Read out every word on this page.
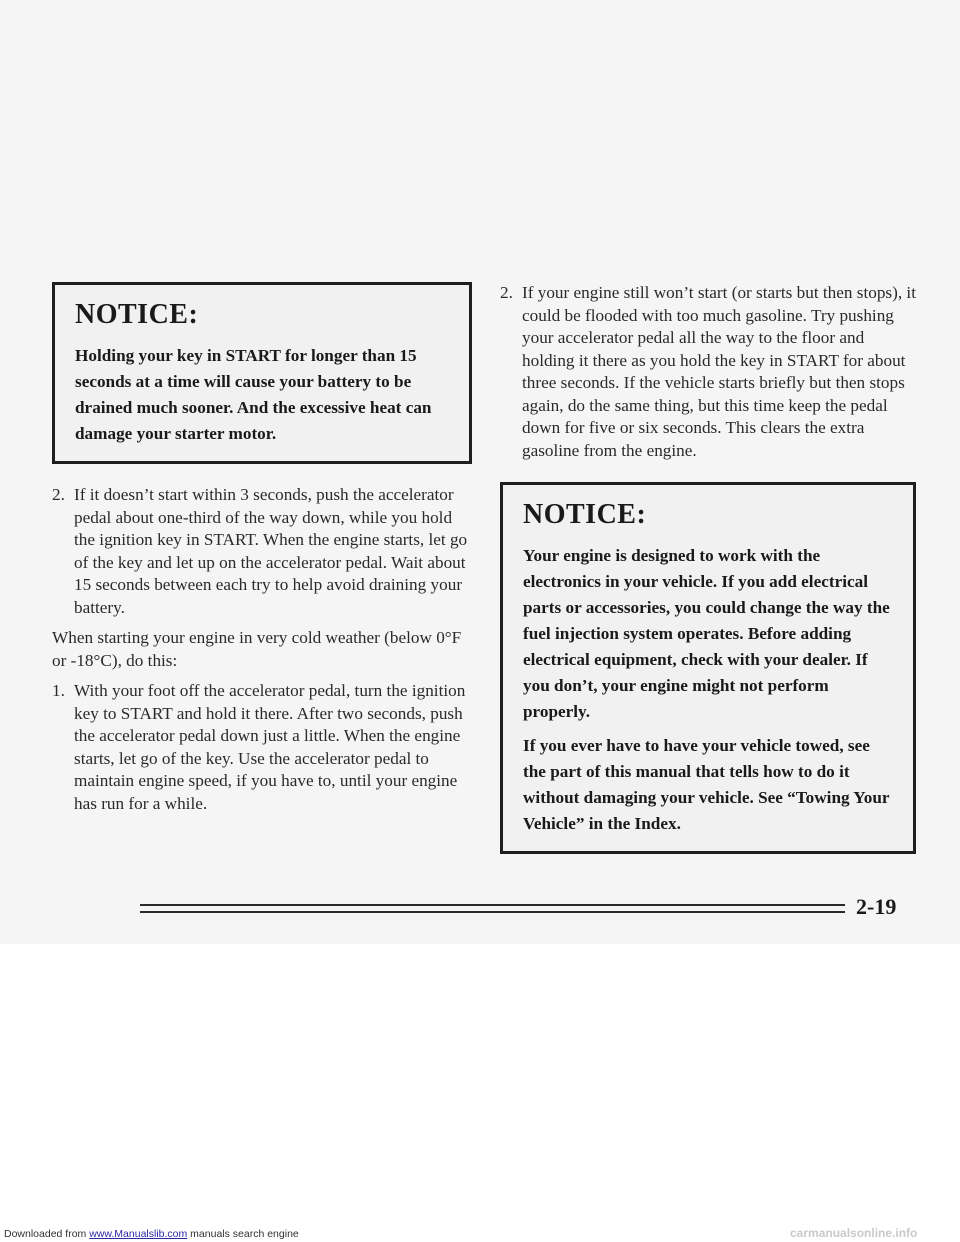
NOTICE:

Holding your key in START for longer than 15 seconds at a time will cause your battery to be drained much sooner. And the excessive heat can damage your starter motor.

2. If it doesn’t start within 3 seconds, push the accelerator pedal about one-third of the way down, while you hold the ignition key in START. When the engine starts, let go of the key and let up on the accelerator pedal. Wait about 15 seconds between each try to help avoid draining your battery.

When starting your engine in very cold weather (below 0°F or -18°C), do this:

1. With your foot off the accelerator pedal, turn the ignition key to START and hold it there. After two seconds, push the accelerator pedal down just a little. When the engine starts, let go of the key. Use the accelerator pedal to maintain engine speed, if you have to, until your engine has run for a while.
2. If your engine still won’t start (or starts but then stops), it could be flooded with too much gasoline. Try pushing your accelerator pedal all the way to the floor and holding it there as you hold the key in START for about three seconds. If the vehicle starts briefly but then stops again, do the same thing, but this time keep the pedal down for five or six seconds. This clears the extra gasoline from the engine.
NOTICE:

Your engine is designed to work with the electronics in your vehicle. If you add electrical parts or accessories, you could change the way the fuel injection system operates. Before adding electrical equipment, check with your dealer. If you don’t, your engine might not perform properly.

If you ever have to have your vehicle towed, see the part of this manual that tells how to do it without damaging your vehicle. See “Towing Your Vehicle” in the Index.

2-19
Downloaded from www.Manualslib.com manuals search engine	carmanualsonline.info
